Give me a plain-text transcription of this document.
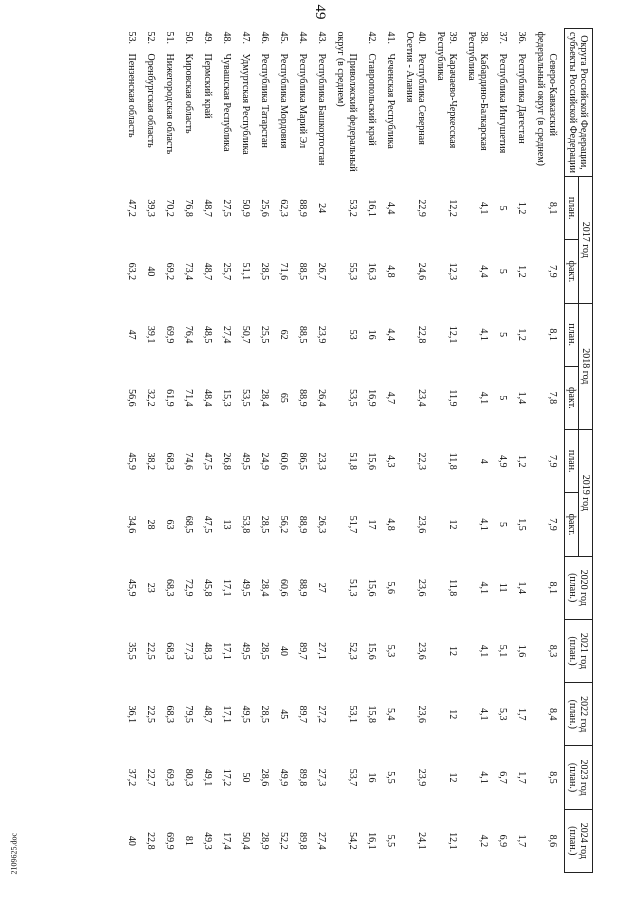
49
Округа Российской Федерации, субъекты Российской Федерации	2017 год		2018 год		2019 год		2020 год (план.)	2021 год (план.)	2022 год (план.)	2023 год (план.)	2024 год (план.)
	план.	факт.	план.	факт.	план.	факт.					
Северо-Кавказский федеральный округ (в среднем)	8,1	7,9	8,1	7,8	7,9	7,9	8,1	8,3	8,4	8,5	8,6
36.Республика Дагестан	1,2	1,2	1,2	1,4	1,2	1,5	1,4	1,6	1,7	1,7	1,7
37.Республика Ингушетия	5	5	5	5	4,9	5	11	5,1	5,3	6,7	6,9
38.Кабардино-Балкарская Республика	4,1	4,4	4,1	4,1	4	4,1	4,1	4,1	4,1	4,1	4,2
39.Карачаево-Черкесская Республика	12,2	12,3	12,1	11,9	11,8	12	11,8	12	12	12	12,1
40.Республика Северная Осетия - Алания	22,9	24,6	22,8	23,4	22,3	23,6	23,6	23,6	23,6	23,9	24,1
41.Чеченская Республика	4,4	4,8	4,4	4,7	4,3	4,8	5,6	5,3	5,4	5,5	5,5
42.Ставропольский край	16,1	16,3	16	16,9	15,6	17	15,6	15,6	15,8	16	16,1
Приволжский федеральный округ (в среднем)	53,2	55,3	53	53,5	51,8	51,7	51,3	52,3	53,1	53,7	54,2
43.Республика Башкортостан	24	26,7	23,9	26,4	23,3	26,3	27	27,1	27,2	27,3	27,4
44.Республика Марий Эл	88,9	88,5	88,5	88,9	86,5	88,9	88,9	89,7	89,7	89,8	89,8
45.Республика Мордовия	62,3	71,6	62	65	60,6	56,2	60,6	40	45	49,9	52,2
46.Республика Татарстан	25,6	28,5	25,5	28,4	24,9	28,5	28,4	28,5	28,5	28,6	28,9
47.Удмуртская Республика	50,9	51,1	50,7	53,5	49,5	53,8	49,5	49,5	49,5	50	50,4
48.Чувашская Республика	27,5	25,7	27,4	15,3	26,8	13	17,1	17,1	17,1	17,2	17,4
49.Пермский край	48,7	48,7	48,5	48,4	47,5	47,5	45,8	48,3	48,7	49,1	49,3
50.Кировская область	76,8	73,4	76,4	71,4	74,6	68,5	72,9	77,3	79,5	80,3	81
51.Нижегородская область	70,2	69,2	69,9	61,9	68,3	63	68,3	68,3	68,3	69,3	69,9
52.Оренбургская область	39,3	40	39,1	32,2	38,2	28	23	22,5	22,5	22,7	22,8
53.Пензенская область	47,2	63,2	47	56,6	45,9	34,6	45,9	35,5	36,1	37,2	40
2109625.doc
